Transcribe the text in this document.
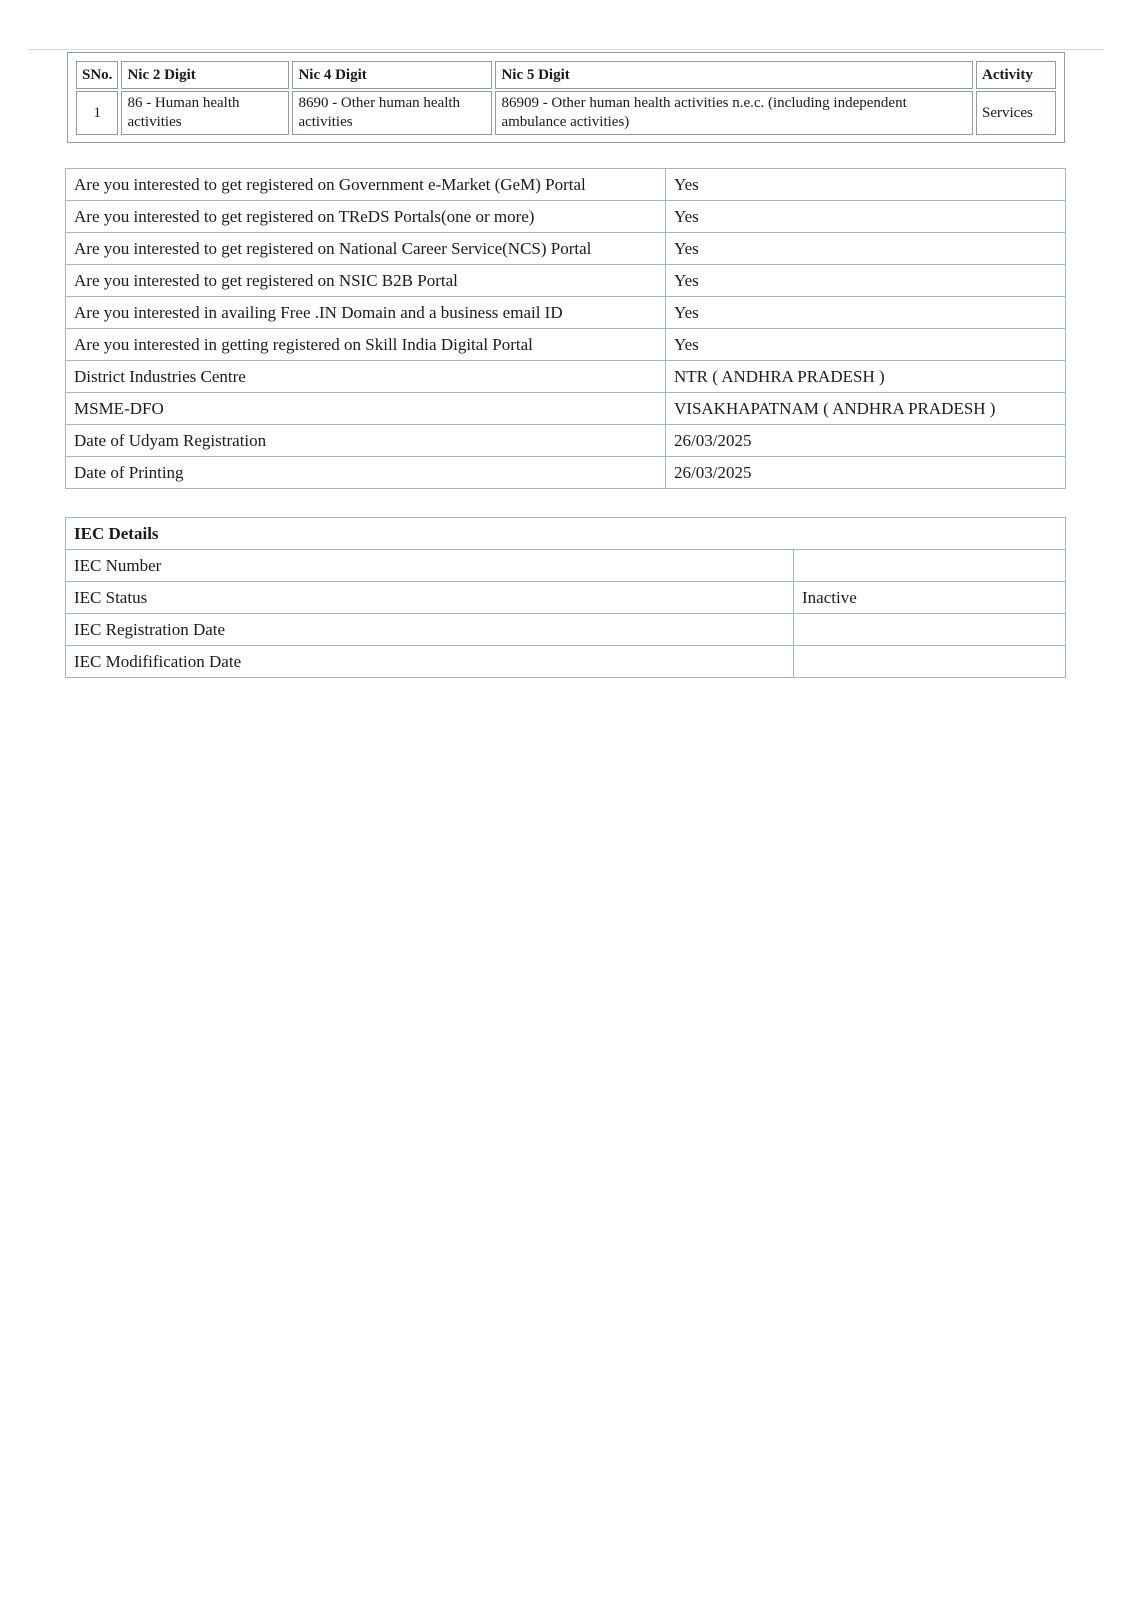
SNo.	Nic 2 Digit	Nic 4 Digit	Nic 5 Digit	Activity
1	86 - Human health activities	8690 - Other human health activities	86909 - Other human health activities n.e.c. (including independent ambulance activities)	Services
Are you interested to get registered on Government e-Market (GeM) Portal	Yes
Are you interested to get registered on TReDS Portals(one or more)	Yes
Are you interested to get registered on National Career Service(NCS) Portal	Yes
Are you interested to get registered on NSIC B2B Portal	Yes
Are you interested in availing Free .IN Domain and a business email ID	Yes
Are you interested in getting registered on Skill India Digital Portal	Yes
District Industries Centre	NTR ( ANDHRA PRADESH )
MSME-DFO	VISAKHAPATNAM ( ANDHRA PRADESH )
Date of Udyam Registration	26/03/2025
Date of Printing	26/03/2025
IEC Details	
IEC Number	
IEC Status	Inactive
IEC Registration Date	
IEC Modifification Date	
